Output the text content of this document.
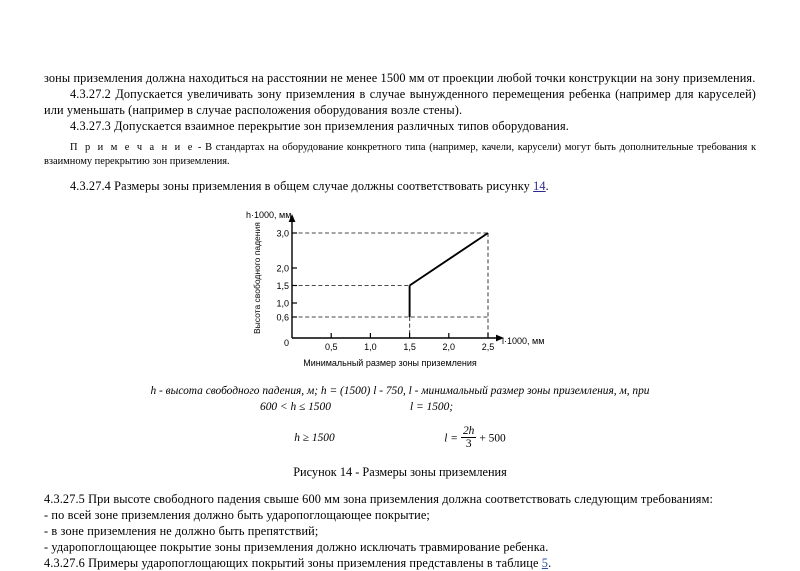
зоны приземления должна находиться на расстоянии не менее 1500 мм от проекции любой точки конструкции на зону приземления.

4.3.27.2 Допускается увеличивать зону приземления в случае вынужденного перемещения ребенка (например для каруселей) или уменьшать (например в случае расположения оборудования возле стены).

4.3.27.3 Допускается взаимное перекрытие зон приземления различных типов оборудования.

П р и м е ч а н и е - В стандартах на оборудование конкретного типа (например, качели, карусели) могут быть дополнительные требования к взаимному перекрытию зон приземления.

4.3.27.4 Размеры зоны приземления в общем случае должны соответствовать рисунку 14.

h·1000, мм
l·1000, мм
Высота свободного падения
Минимальный размер зоны приземления
3,0
2,0
1,5
1,0
0,6
0	0,5	1,0	1,5	2,0	2,5
h - высота свободного падения, м; h = (1500) l - 750, l - минимальный размер зоны приземления, м, при
600 < h ≤ 1500	l = 1500;
h ≥ 1500	$l = \frac{2h}{3} + 500$
Рисунок 14 - Размеры зоны приземления

4.3.27.5 При высоте свободного падения свыше 600 мм зона приземления должна соответствовать следующим требованиям:

- по всей зоне приземления должно быть ударопоглощающее покрытие;

- в зоне приземления не должно быть препятствий;

- ударопоглощающее покрытие зоны приземления должно исключать травмирование ребенка.

4.3.27.6 Примеры ударопоглощающих покрытий зоны приземления представлены в таблице 5.
